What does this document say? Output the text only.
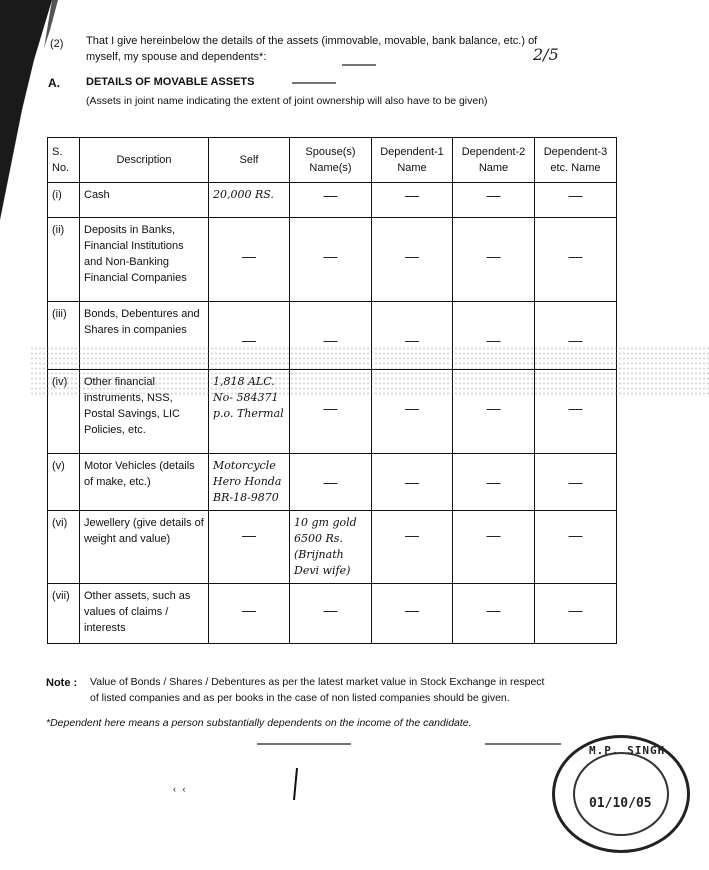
(2) That I give hereinbelow the details of the assets (immovable, movable, bank balance, etc.) of
myself, my spouse and dependents*:	2/5
A. DETAILS OF MOVABLE ASSETS
(Assets in joint name indicating the extent of joint ownership will also have to be given)
S. No.	Description	Self	Spouse(s) Name(s)	Dependent-1 Name	Dependent-2 Name	Dependent-3 etc. Name
(i)	Cash	20,000 RS.	—	—	—	—

(ii)	Deposits in Banks, Financial Institutions and Non-Banking Financial Companies	—	—	—	—	—

(iii)	Bonds, Debentures and Shares in companies	—	—	—	—	—

(iv)	Other financial instruments, NSS, Postal Savings, LIC Policies, etc.	1,818 ALC. No- 584371 p.o. Thermal	—	—	—	—

(v)	Motor Vehicles (details of make, etc.)	Motorcycle Hero Honda BR-18-9870	—	—	—	—

(vi)	Jewellery (give details of weight and value)	—	10 gm gold 6500 Rs. (Brijnath Devi wife)	—	—	—

(vii)	Other assets, such as values of claims / interests	—	—	—	—	—
Note : Value of Bonds / Shares / Debentures as per the latest market value in Stock Exchange in respect
of listed companies and as per books in the case of non listed companies should be given.
*Dependent here means a person substantially dependents on the income of the candidate.
‹ ‹
M.P. SINGH
01/10/05
